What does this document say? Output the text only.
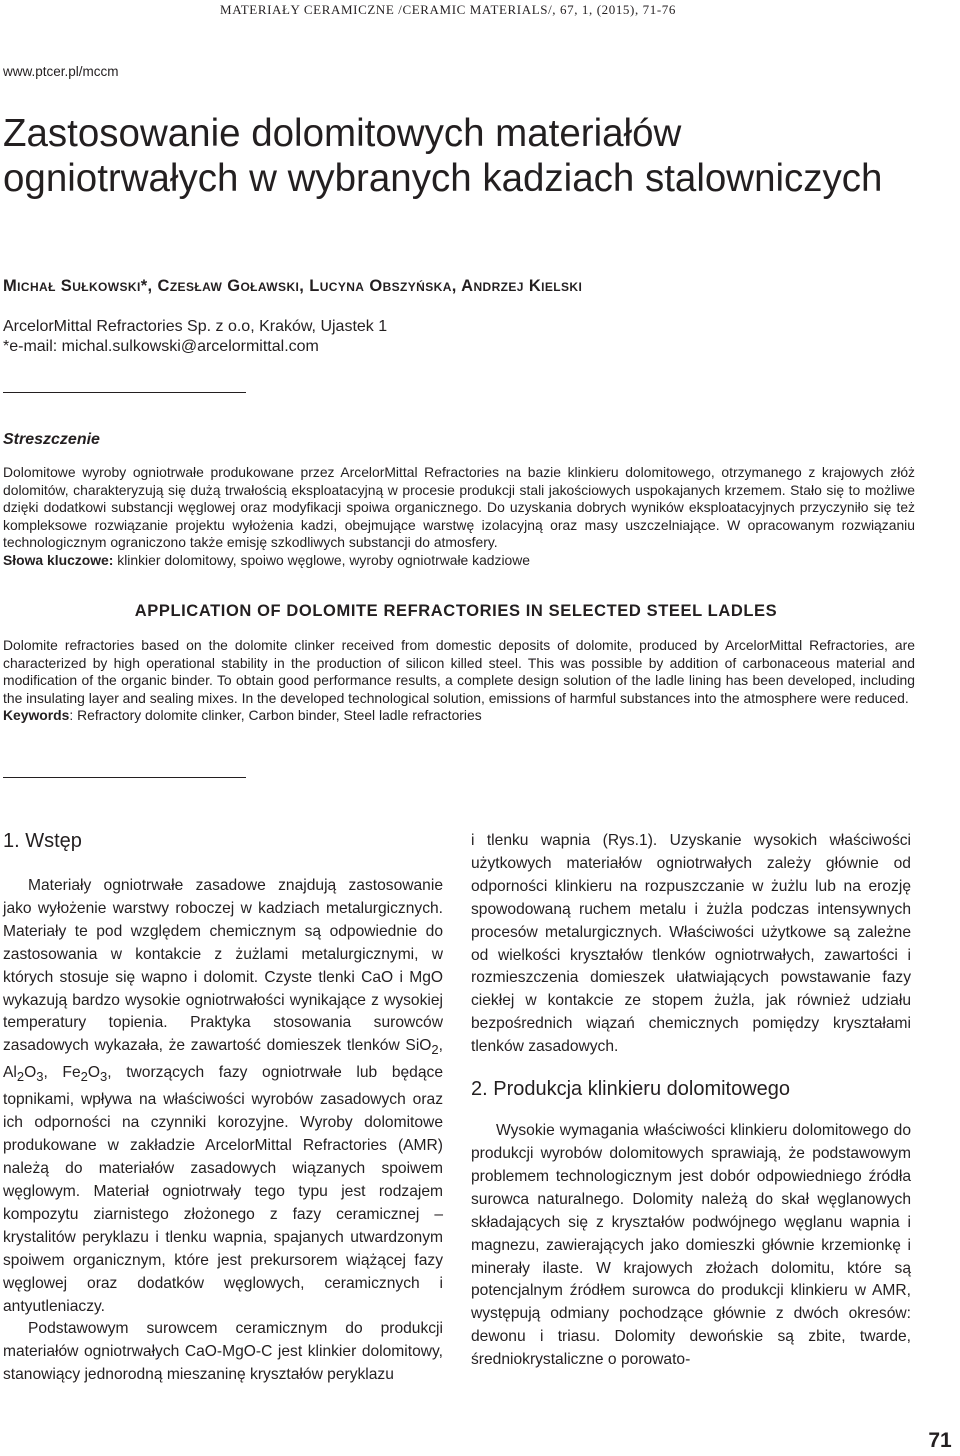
MATERIAŁY CERAMICZNE /CERAMIC MATERIALS/, 67, 1, (2015), 71-76
www.ptcer.pl/mccm
Zastosowanie dolomitowych materiałów ogniotrwałych w wybranych kadziach stalowniczych
Michał Sułkowski*, Czesław Goławski, Lucyna Obszyńska, Andrzej Kielski
ArcelorMittal Refractories Sp. z o.o, Kraków, Ujastek 1
*e-mail: michal.sulkowski@arcelormittal.com
Streszczenie

Dolomitowe wyroby ogniotrwałe produkowane przez ArcelorMittal Refractories na bazie klinkieru dolomitowego, otrzymanego z krajowych złóż dolomitów, charakteryzują się dużą trwałością eksploatacyjną w procesie produkcji stali jakościowych uspokajanych krzemem. Stało się to możliwe dzięki dodatkowi substancji węglowej oraz modyfikacji spoiwa organicznego. Do uzyskania dobrych wyników eksploatacyjnych przyczyniło się też kompleksowe rozwiązanie projektu wyłożenia kadzi, obejmujące warstwę izolacyjną oraz masy uszczelniające. W opracowanym rozwiązaniu technologicznym ograniczono także emisję szkodliwych substancji do atmosfery.

Słowa kluczowe: klinkier dolomitowy, spoiwo węglowe, wyroby ogniotrwałe kadziowe

APPLICATION OF DOLOMITE REFRACTORIES IN SELECTED STEEL LADLES

Dolomite refractories based on the dolomite clinker received from domestic deposits of dolomite, produced by ArcelorMittal Refractories, are characterized by high operational stability in the production of silicon killed steel. This was possible by addition of carbonaceous material and modification of the organic binder. To obtain good performance results, a complete design solution of the ladle lining has been developed, including the insulating layer and sealing mixes. In the developed technological solution, emissions of harmful substances into the atmosphere were reduced.

Keywords: Refractory dolomite clinker, Carbon binder, Steel ladle refractories

1. Wstęp

Materiały ogniotrwałe zasadowe znajdują zastosowanie jako wyłożenie warstwy roboczej w kadziach metalurgicznych. Materiały te pod względem chemicznym są odpowiednie do zastosowania w kontakcie z żużlami metalurgicznymi, w których stosuje się wapno i dolomit. Czyste tlenki CaO i MgO wykazują bardzo wysokie ogniotrwałości wynikające z wysokiej temperatury topienia. Praktyka stosowania surowców zasadowych wykazała, że zawartość domieszek tlenków SiO$_2$, $Al_2O_3$, $Fe_2O_3$, tworzących fazy ogniotrwałe lub będące topnikami, wpływa na właściwości wyrobów zasadowych oraz ich odporności na czynniki korozyjne. Wyroby dolomitowe produkowane w zakładzie ArcelorMittal Refractories (AMR) należą do materiałów zasadowych wiązanych spoiwem węglowym. Materiał ogniotrwały tego typu jest rodzajem kompozytu ziarnistego złożonego z fazy ceramicznej – krystalitów peryklazu i tlenku wapnia, spajanych utwardzonym spoiwem organicznym, które jest prekursorem wiążącej fazy węglowej oraz dodatków węglowych, ceramicznych i antyutleniaczy.

Podstawowym surowcem ceramicznym do produkcji materiałów ogniotrwałych CaO-MgO-C jest klinkier dolomitowy, stanowiący jednorodną mieszaninę kryształów peryklazu

i tlenku wapnia (Rys.1). Uzyskanie wysokich właściwości użytkowych materiałów ogniotrwałych zależy głównie od odporności klinkieru na rozpuszczanie w żużlu lub na erozję spowodowaną ruchem metalu i żużla podczas intensywnych procesów metalurgicznych. Właściwości użytkowe są zależne od wielkości kryształów tlenków ogniotrwałych, zawartości i rozmieszczenia domieszek ułatwiających powstawanie fazy ciekłej w kontakcie ze stopem żużla, jak również udziału bezpośrednich wiązań chemicznych pomiędzy kryształami tlenków zasadowych.

2. Produkcja klinkieru dolomitowego

Wysokie wymagania właściwości klinkieru dolomitowego do produkcji wyrobów dolomitowych sprawiają, że podstawowym problemem technologicznym jest dobór odpowiedniego źródła surowca naturalnego. Dolomity należą do skał węglanowych składających się z kryształów podwójnego węglanu wapnia i magnezu, zawierających jako domieszki głównie krzemionkę i minerały ilaste. W krajowych złożach dolomitu, które są potencjalnym źródłem surowca do produkcji klinkieru w AMR, występują odmiany pochodzące głównie z dwóch okresów: dewonu i triasu. Dolomity dewońskie są zbite, twarde, średniokrystaliczne o porowato-

71
